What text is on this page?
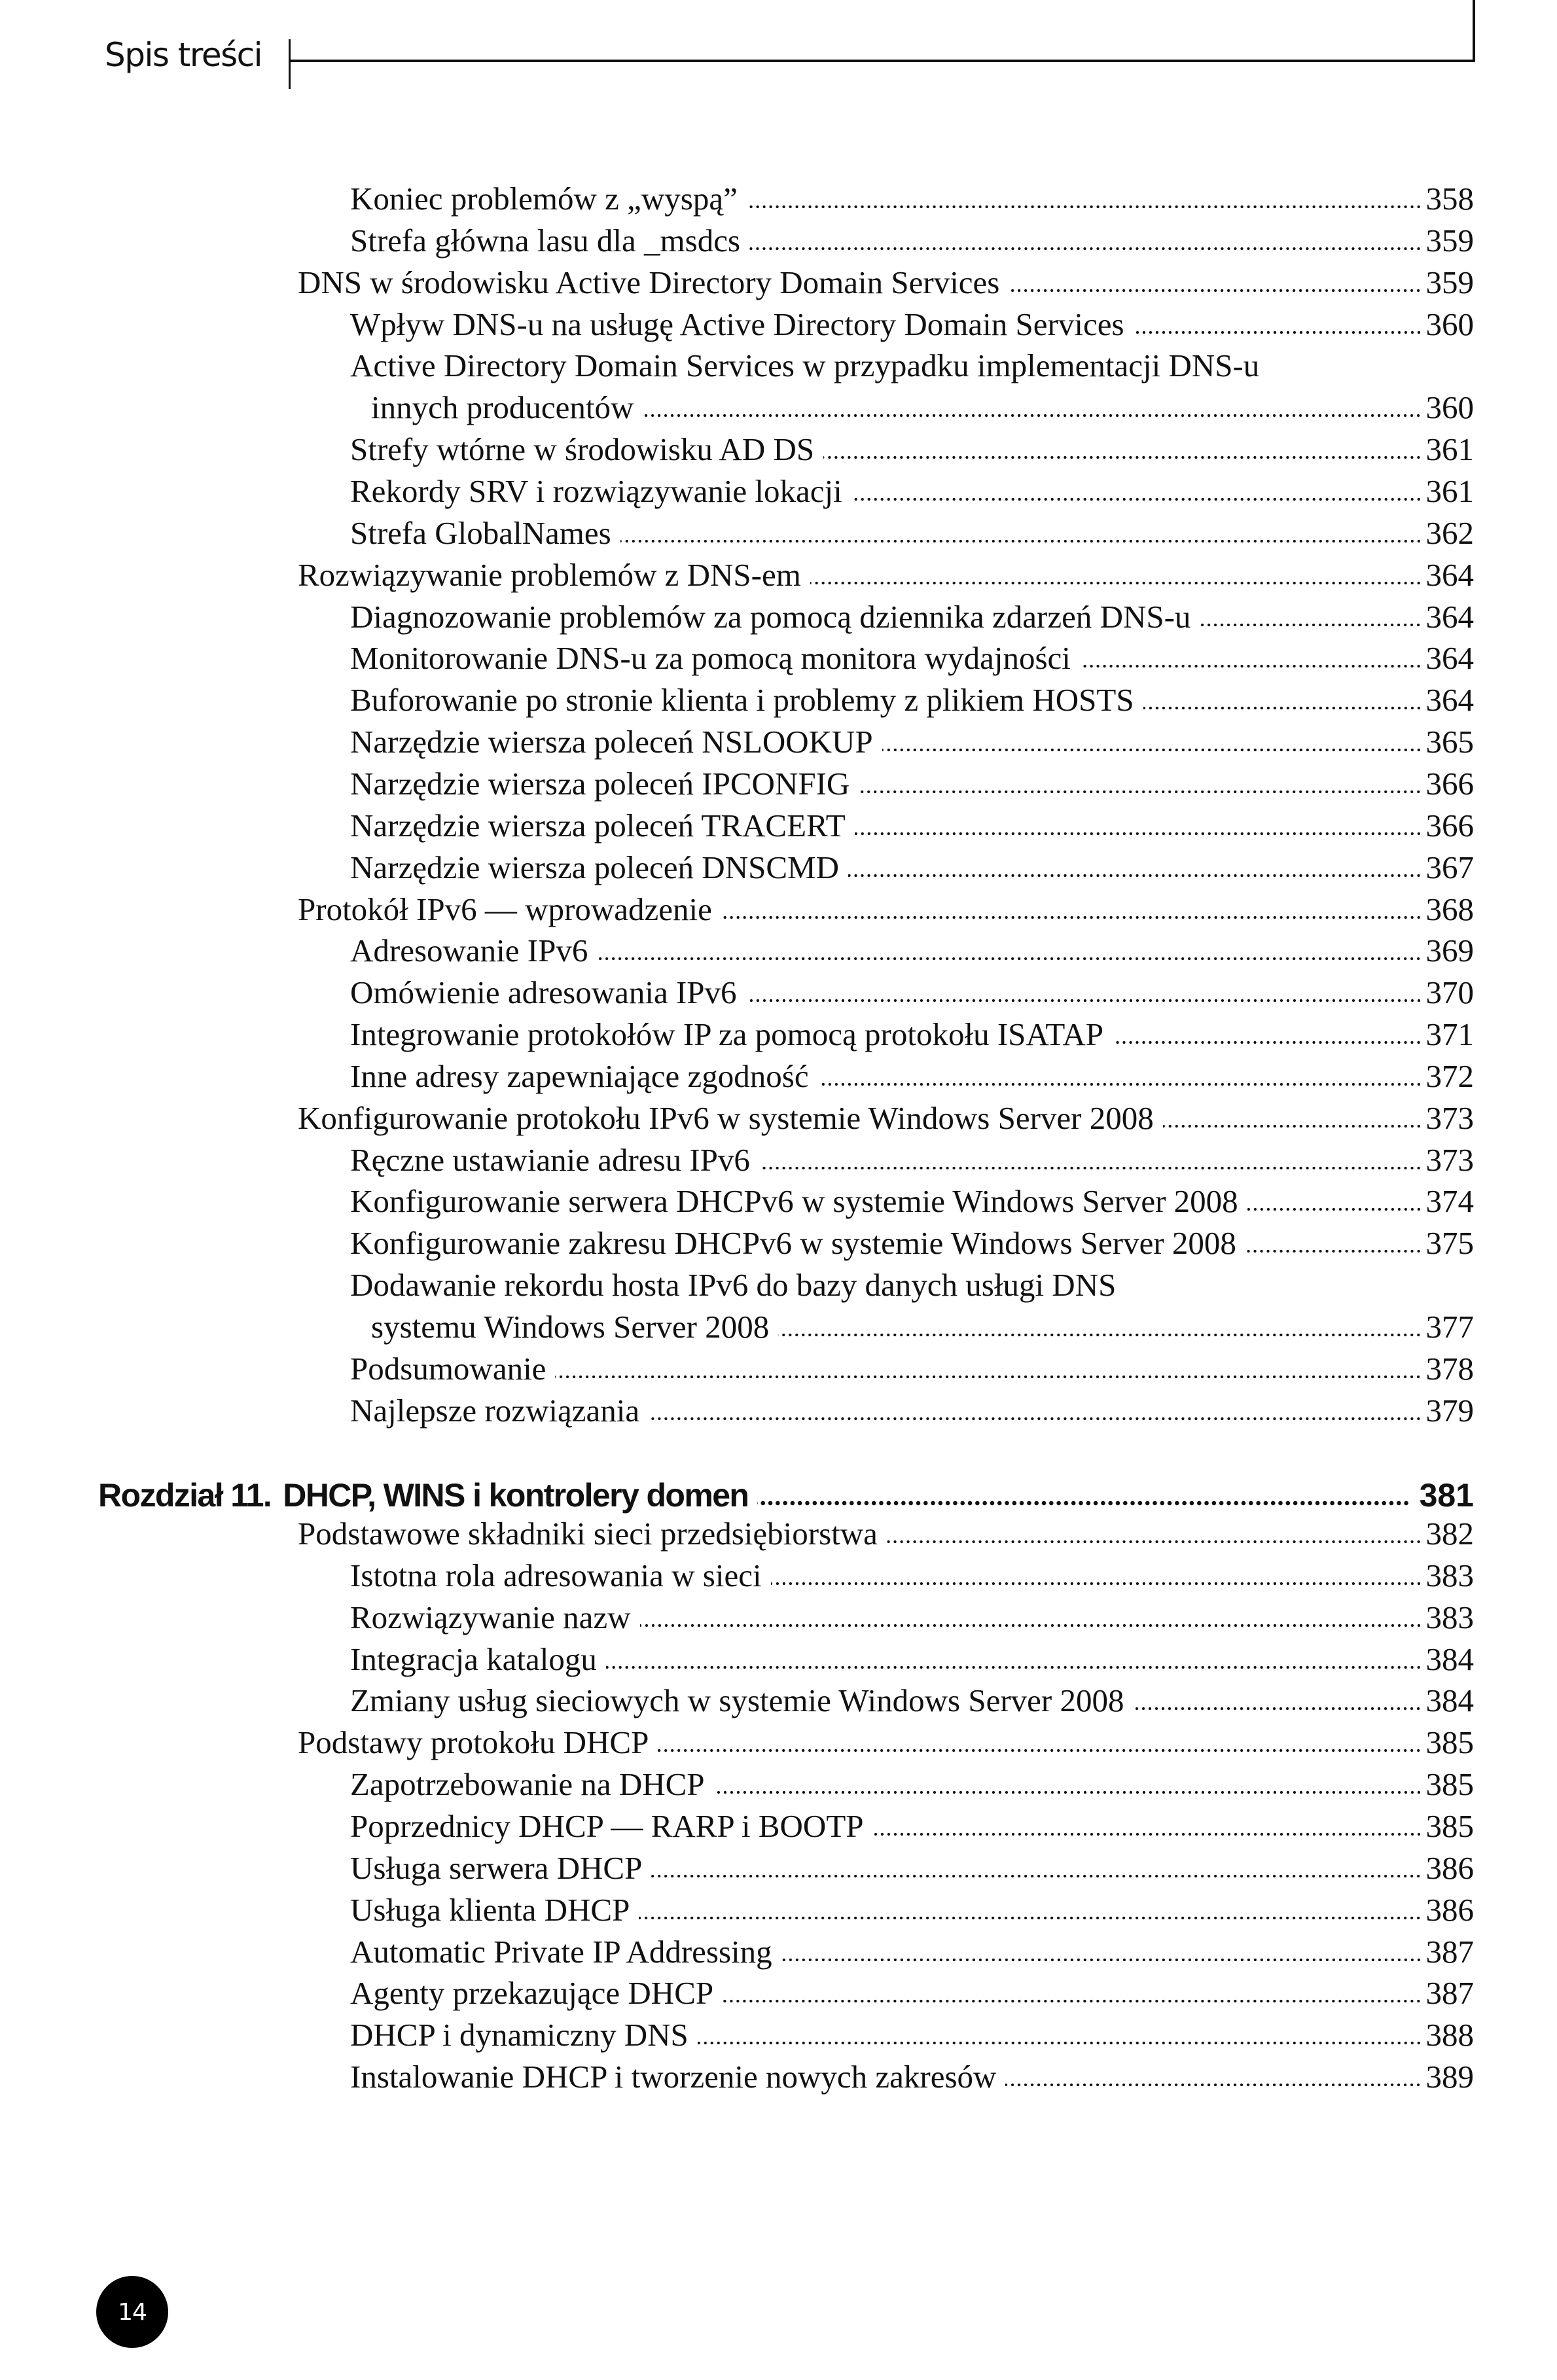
Spis treści
Koniec problemów z „wyspą”	358
Strefa główna lasu dla _msdcs	359
DNS w środowisku Active Directory Domain Services	359
Wpływ DNS-u na usługę Active Directory Domain Services	360
Active Directory Domain Services w przypadku implementacji DNS-u
innych producentów	360
Strefy wtórne w środowisku AD DS	361
Rekordy SRV i rozwiązywanie lokacji	361
Strefa GlobalNames	362
Rozwiązywanie problemów z DNS-em	364
Diagnozowanie problemów za pomocą dziennika zdarzeń DNS-u	364
Monitorowanie DNS-u za pomocą monitora wydajności	364
Buforowanie po stronie klienta i problemy z plikiem HOSTS	364
Narzędzie wiersza poleceń NSLOOKUP	365
Narzędzie wiersza poleceń IPCONFIG	366
Narzędzie wiersza poleceń TRACERT	366
Narzędzie wiersza poleceń DNSCMD	367
Protokół IPv6 — wprowadzenie	368
Adresowanie IPv6	369
Omówienie adresowania IPv6	370
Integrowanie protokołów IP za pomocą protokołu ISATAP	371
Inne adresy zapewniające zgodność	372
Konfigurowanie protokołu IPv6 w systemie Windows Server 2008	373
Ręczne ustawianie adresu IPv6	373
Konfigurowanie serwera DHCPv6 w systemie Windows Server 2008	374
Konfigurowanie zakresu DHCPv6 w systemie Windows Server 2008	375
Dodawanie rekordu hosta IPv6 do bazy danych usługi DNS
systemu Windows Server 2008	377
Podsumowanie	378
Najlepsze rozwiązania	379
Rozdział 11. DHCP, WINS i kontrolery domen	381
Podstawowe składniki sieci przedsiębiorstwa	382
Istotna rola adresowania w sieci	383
Rozwiązywanie nazw	383
Integracja katalogu	384
Zmiany usług sieciowych w systemie Windows Server 2008	384
Podstawy protokołu DHCP	385
Zapotrzebowanie na DHCP	385
Poprzednicy DHCP — RARP i BOOTP	385
Usługa serwera DHCP	386
Usługa klienta DHCP	386
Automatic Private IP Addressing	387
Agenty przekazujące DHCP	387
DHCP i dynamiczny DNS	388
Instalowanie DHCP i tworzenie nowych zakresów	389
14
